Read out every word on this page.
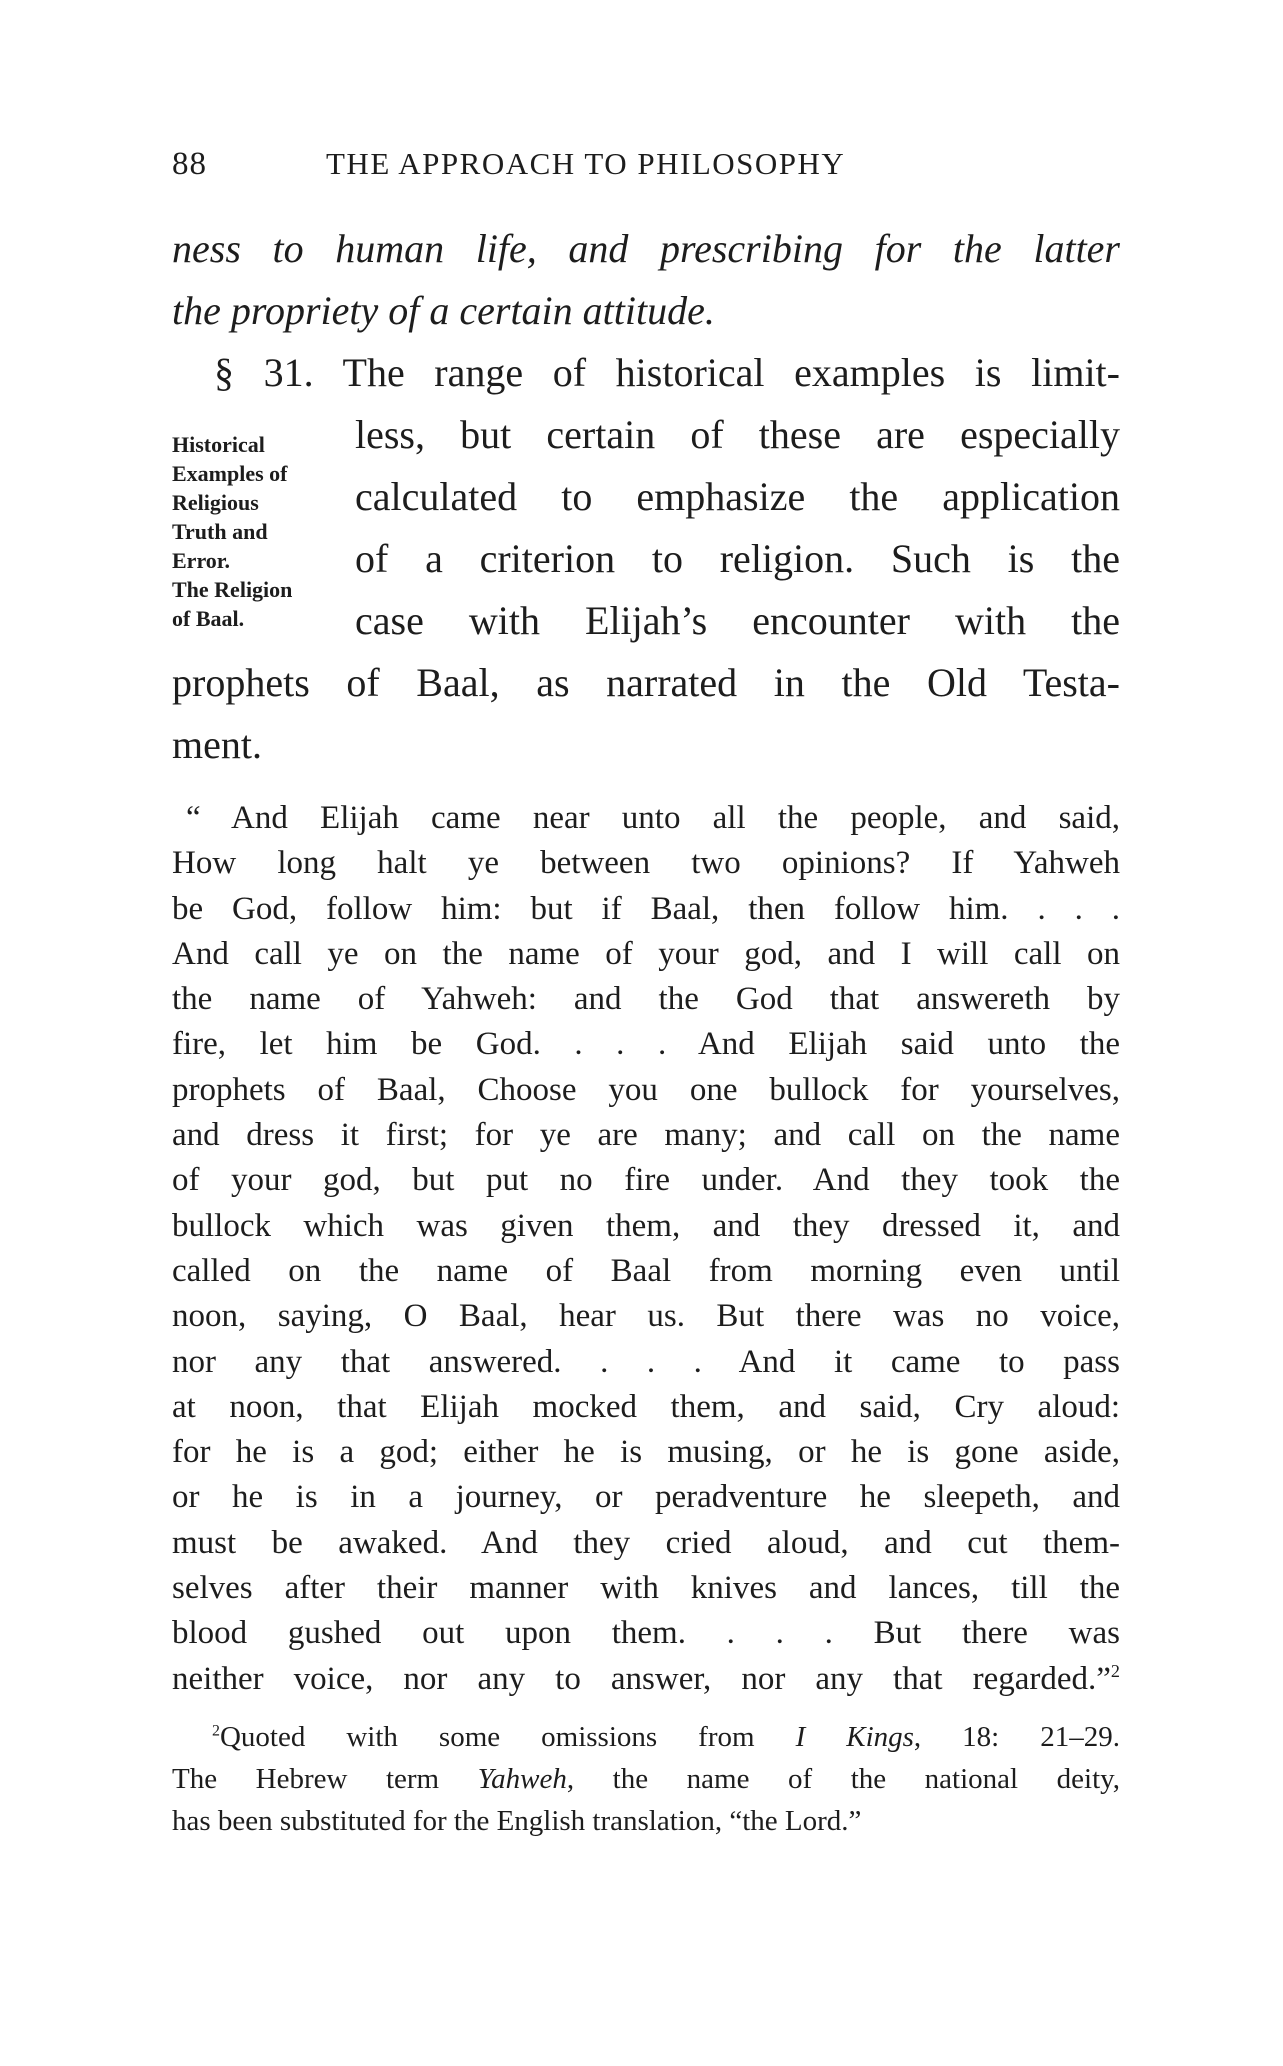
88	THE APPROACH TO PHILOSOPHY
ness to human life, and prescribing for the latter
the propriety of a certain attitude.
§ 31. The range of historical examples is limit-
Historical
Examples of
Religious
Truth and
Error.
The Religion
of Baal.
less, but certain of these are especially
calculated to emphasize the application
of a criterion to religion. Such is the
case with Elijah’s encounter with the
prophets of Baal, as narrated in the Old Testa-
ment.
“ And Elijah came near unto all the people, and said,
How long halt ye between two opinions? If Yahweh
be God, follow him: but if Baal, then follow him. . . .
And call ye on the name of your god, and I will call on
the name of Yahweh: and the God that answereth by
fire, let him be God. . . . And Elijah said unto the
prophets of Baal, Choose you one bullock for yourselves,
and dress it first; for ye are many; and call on the name
of your god, but put no fire under. And they took the
bullock which was given them, and they dressed it, and
called on the name of Baal from morning even until
noon, saying, O Baal, hear us. But there was no voice,
nor any that answered. . . . And it came to pass
at noon, that Elijah mocked them, and said, Cry aloud:
for he is a god; either he is musing, or he is gone aside,
or he is in a journey, or peradventure he sleepeth, and
must be awaked. And they cried aloud, and cut them-
selves after their manner with knives and lances, till the
blood gushed out upon them. . . . But there was
neither voice, nor any to answer, nor any that regarded.”$^2$
$^2$Quoted with some omissions from I Kings, 18: 21–29.
The Hebrew term Yahweh, the name of the national deity,
has been substituted for the English translation, “the Lord.”
